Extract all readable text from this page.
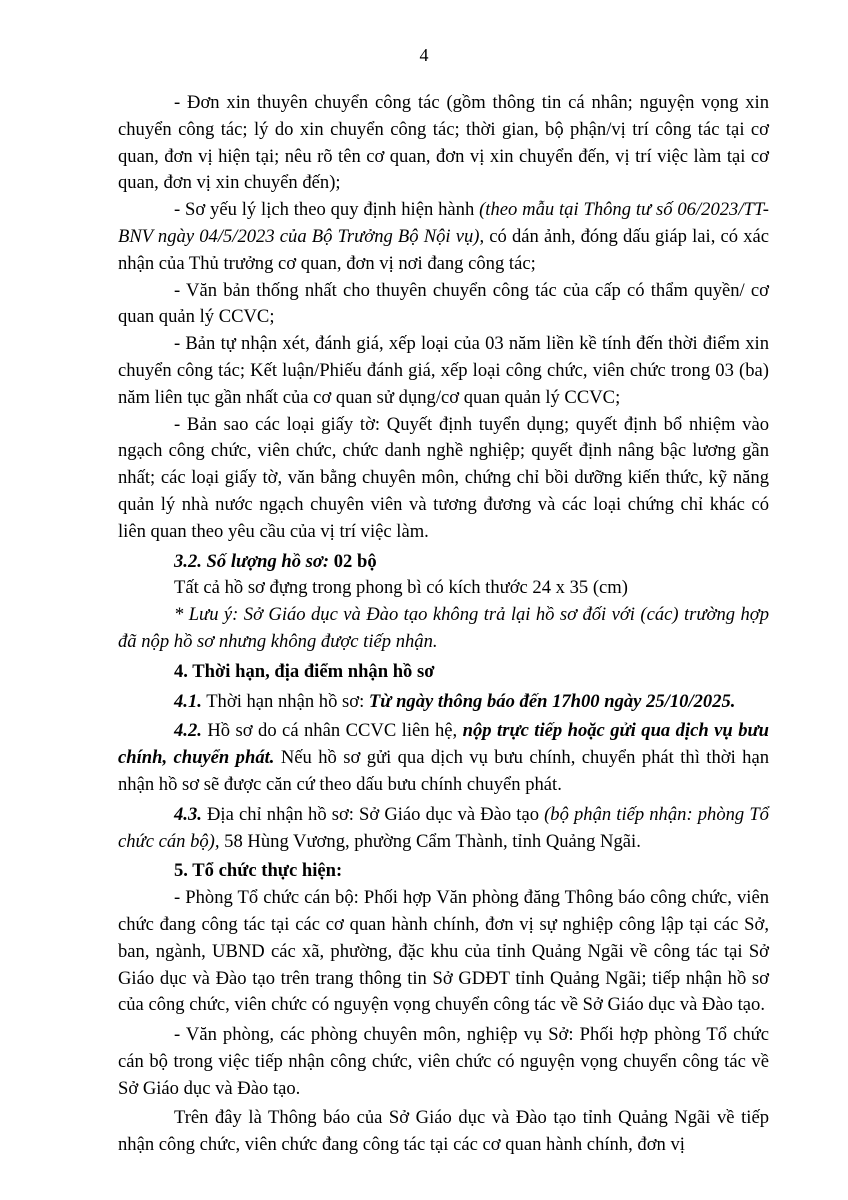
4

- Đơn xin thuyên chuyển công tác (gồm thông tin cá nhân; nguyện vọng xin chuyển công tác; lý do xin chuyển công tác; thời gian, bộ phận/vị trí công tác tại cơ quan, đơn vị hiện tại; nêu rõ tên cơ quan, đơn vị xin chuyển đến, vị trí việc làm tại cơ quan, đơn vị xin chuyển đến);

- Sơ yếu lý lịch theo quy định hiện hành (theo mẫu tại Thông tư số 06/2023/TT-BNV ngày 04/5/2023 của Bộ Trưởng Bộ Nội vụ), có dán ảnh, đóng dấu giáp lai, có xác nhận của Thủ trưởng cơ quan, đơn vị nơi đang công tác;

- Văn bản thống nhất cho thuyên chuyển công tác của cấp có thẩm quyền/ cơ quan quản lý CCVC;

- Bản tự nhận xét, đánh giá, xếp loại của 03 năm liền kề tính đến thời điểm xin chuyển công tác; Kết luận/Phiếu đánh giá, xếp loại công chức, viên chức trong 03 (ba) năm liên tục gần nhất của cơ quan sử dụng/cơ quan quản lý CCVC;

- Bản sao các loại giấy tờ: Quyết định tuyển dụng; quyết định bổ nhiệm vào ngạch công chức, viên chức, chức danh nghề nghiệp; quyết định nâng bậc lương gần nhất; các loại giấy tờ, văn bằng chuyên môn, chứng chỉ bồi dưỡng kiến thức, kỹ năng quản lý nhà nước ngạch chuyên viên và tương đương và các loại chứng chỉ khác có liên quan theo yêu cầu của vị trí việc làm.

3.2. Số lượng hồ sơ: 02 bộ

Tất cả hồ sơ đựng trong phong bì có kích thước 24 x 35 (cm)

* Lưu ý: Sở Giáo dục và Đào tạo không trả lại hồ sơ đối với (các) trường hợp đã nộp hồ sơ nhưng không được tiếp nhận.

4. Thời hạn, địa điểm nhận hồ sơ

4.1. Thời hạn nhận hồ sơ: Từ ngày thông báo đến 17h00 ngày 25/10/2025.

4.2. Hồ sơ do cá nhân CCVC liên hệ, nộp trực tiếp hoặc gửi qua dịch vụ bưu chính, chuyển phát. Nếu hồ sơ gửi qua dịch vụ bưu chính, chuyển phát thì thời hạn nhận hồ sơ sẽ được căn cứ theo dấu bưu chính chuyển phát.

4.3. Địa chỉ nhận hồ sơ: Sở Giáo dục và Đào tạo (bộ phận tiếp nhận: phòng Tổ chức cán bộ), 58 Hùng Vương, phường Cẩm Thành, tỉnh Quảng Ngãi.

5. Tổ chức thực hiện:

- Phòng Tổ chức cán bộ: Phối hợp Văn phòng đăng Thông báo công chức, viên chức đang công tác tại các cơ quan hành chính, đơn vị sự nghiệp công lập tại các Sở, ban, ngành, UBND các xã, phường, đặc khu của tỉnh Quảng Ngãi về công tác tại Sở Giáo dục và Đào tạo trên trang thông tin Sở GDĐT tỉnh Quảng Ngãi; tiếp nhận hồ sơ của công chức, viên chức có nguyện vọng chuyển công tác về Sở Giáo dục và Đào tạo.

- Văn phòng, các phòng chuyên môn, nghiệp vụ Sở: Phối hợp phòng Tổ chức cán bộ trong việc tiếp nhận công chức, viên chức có nguyện vọng chuyển công tác về Sở Giáo dục và Đào tạo.

Trên đây là Thông báo của Sở Giáo dục và Đào tạo tỉnh Quảng Ngãi về tiếp nhận công chức, viên chức đang công tác tại các cơ quan hành chính, đơn vị
